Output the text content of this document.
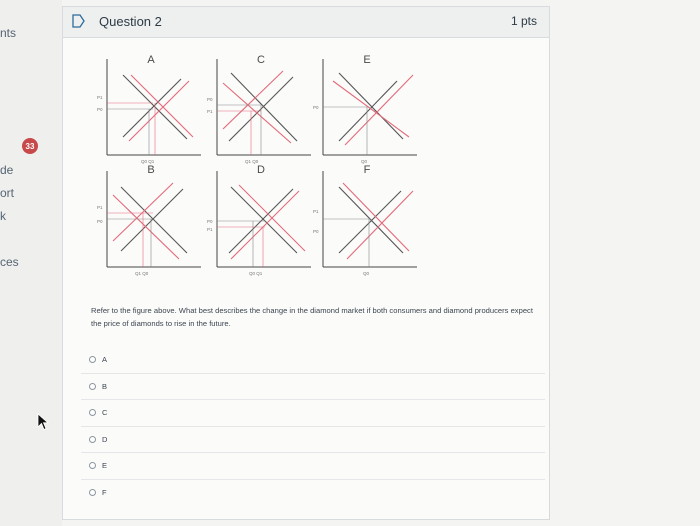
nts
33
de
ort
k
ces
Question 2	1 pts
A
P1
P0
Q0 Q1
C
P0
P1
Q1 Q0
E
P0
Q0
B
P1
P0
Q1 Q0
D
P0
P1
Q0 Q1
F
P1
P0
Q0
Refer to the figure above. What best describes the change in the diamond market if both consumers and diamond producers expect the price of diamonds to rise in the future.
A
B
C
D
E
F
